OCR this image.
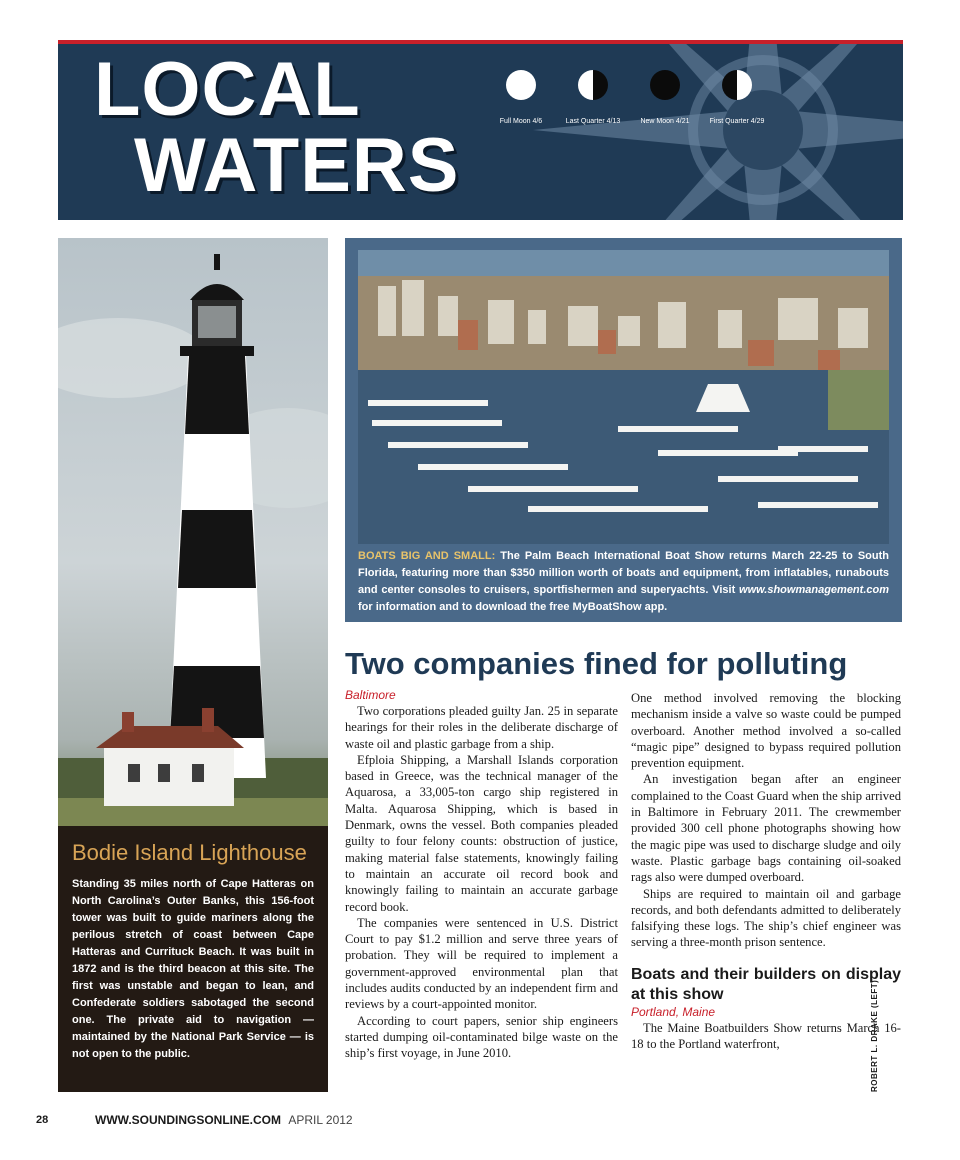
LOCAL
WATERS
Full Moon 4/6	Last Quarter 4/13	New Moon 4/21	First Quarter 4/29
Bodie Island Lighthouse
Standing 35 miles north of Cape Hatteras on North Carolina’s Outer Banks, this 156-foot tower was built to guide mariners along the perilous stretch of coast between Cape Hatteras and Currituck Beach. It was built in 1872 and is the third beacon at this site. The first was unstable and began to lean, and Confederate soldiers sabotaged the second one. The private aid to navigation — maintained by the National Park Service — is not open to the public.
BOATS BIG AND SMALL: The Palm Beach International Boat Show returns March 22-25 to South Florida, featuring more than $350 million worth of boats and equipment, from inflatables, runabouts and center consoles to cruisers, sportfishermen and superyachts. Visit www.showmanagement.com for information and to download the free MyBoatShow app.
Two companies fined for polluting
Baltimore

Two corporations pleaded guilty Jan. 25 in separate hearings for their roles in the deliberate discharge of waste oil and plastic garbage from a ship.

Efploia Shipping, a Marshall Islands corporation based in Greece, was the technical manager of the Aquarosa, a 33,005-ton cargo ship registered in Malta. Aquarosa Shipping, which is based in Denmark, owns the vessel. Both companies pleaded guilty to four felony counts: obstruction of justice, making material false statements, knowingly failing to maintain an accurate oil record book and knowingly failing to maintain an accurate garbage record book.

The companies were sentenced in U.S. District Court to pay $1.2 million and serve three years of probation. They will be required to implement a government-approved environmental plan that includes audits conducted by an independent firm and reviews by a court-appointed monitor.

According to court papers, senior ship engineers started dumping oil-contaminated bilge waste on the ship’s first voyage, in June 2010.

One method involved removing the blocking mechanism inside a valve so waste could be pumped overboard. Another method involved a so-called “magic pipe” designed to bypass required pollution prevention equipment.

An investigation began after an engineer complained to the Coast Guard when the ship arrived in Baltimore in February 2011. The crewmember provided 300 cell phone photographs showing how the magic pipe was used to discharge sludge and oily waste. Plastic garbage bags containing oil-soaked rags also were dumped overboard.

Ships are required to maintain oil and garbage records, and both defendants admitted to deliberately falsifying these logs. The ship’s chief engineer was serving a three-month prison sentence.

Boats and their builders on display at this show
Portland, Maine

The Maine Boatbuilders Show returns March 16-18 to the Portland waterfront,	ROBERT L. DRAKE (LEFT)
28	WWW.SOUNDINGSONLINE.COM APRIL 2012
